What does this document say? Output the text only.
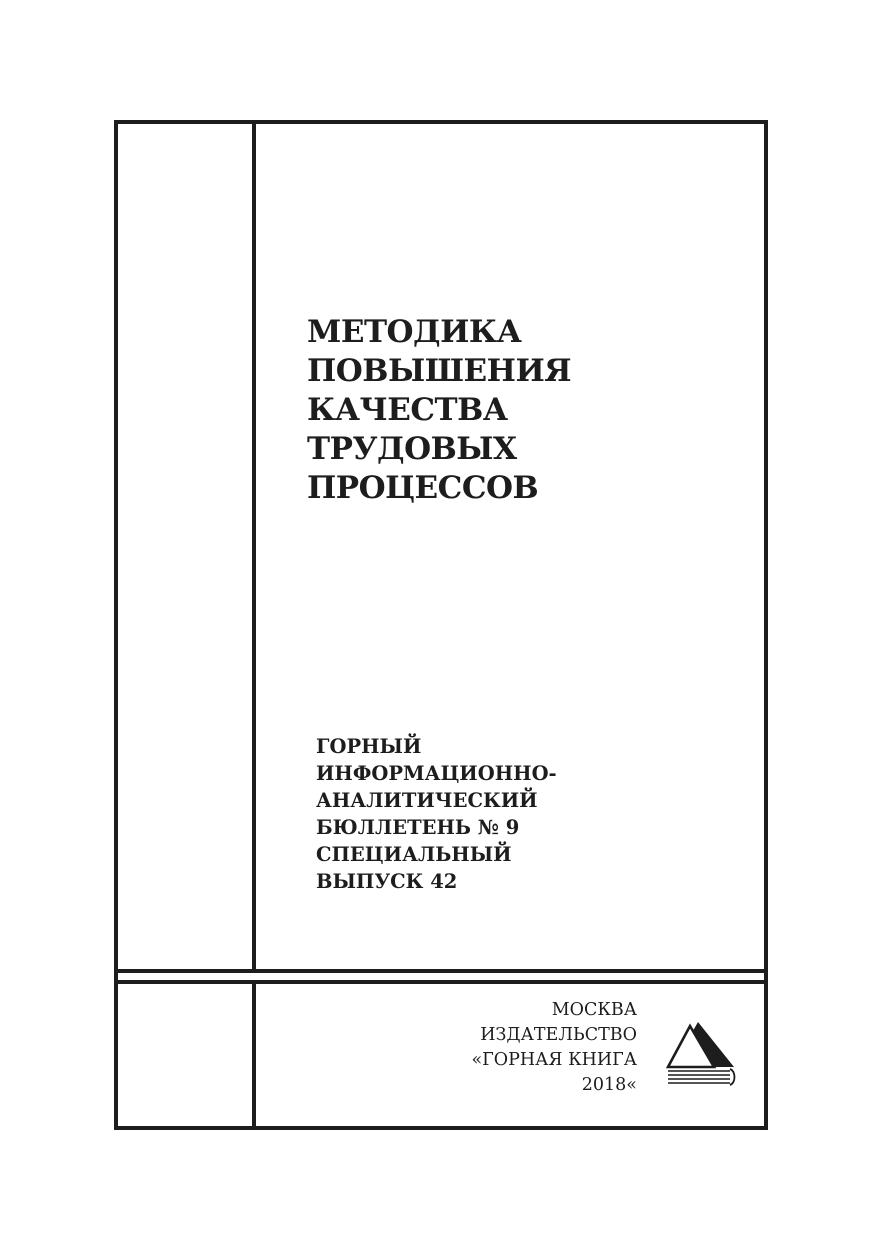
МЕТОДИКА
ПОВЫШЕНИЯ
КАЧЕСТВА
ТРУДОВЫХ
ПРОЦЕССОВ
ГОРНЫЙ
ИНФОРМАЦИОННО-
АНАЛИТИЧЕСКИЙ
БЮЛЛЕТЕНЬ № 9
СПЕЦИАЛЬНЫЙ
ВЫПУСК 42
МОСКВА
ИЗДАТЕЛЬСТВО
«ГОРНАЯ КНИГА
2018«
